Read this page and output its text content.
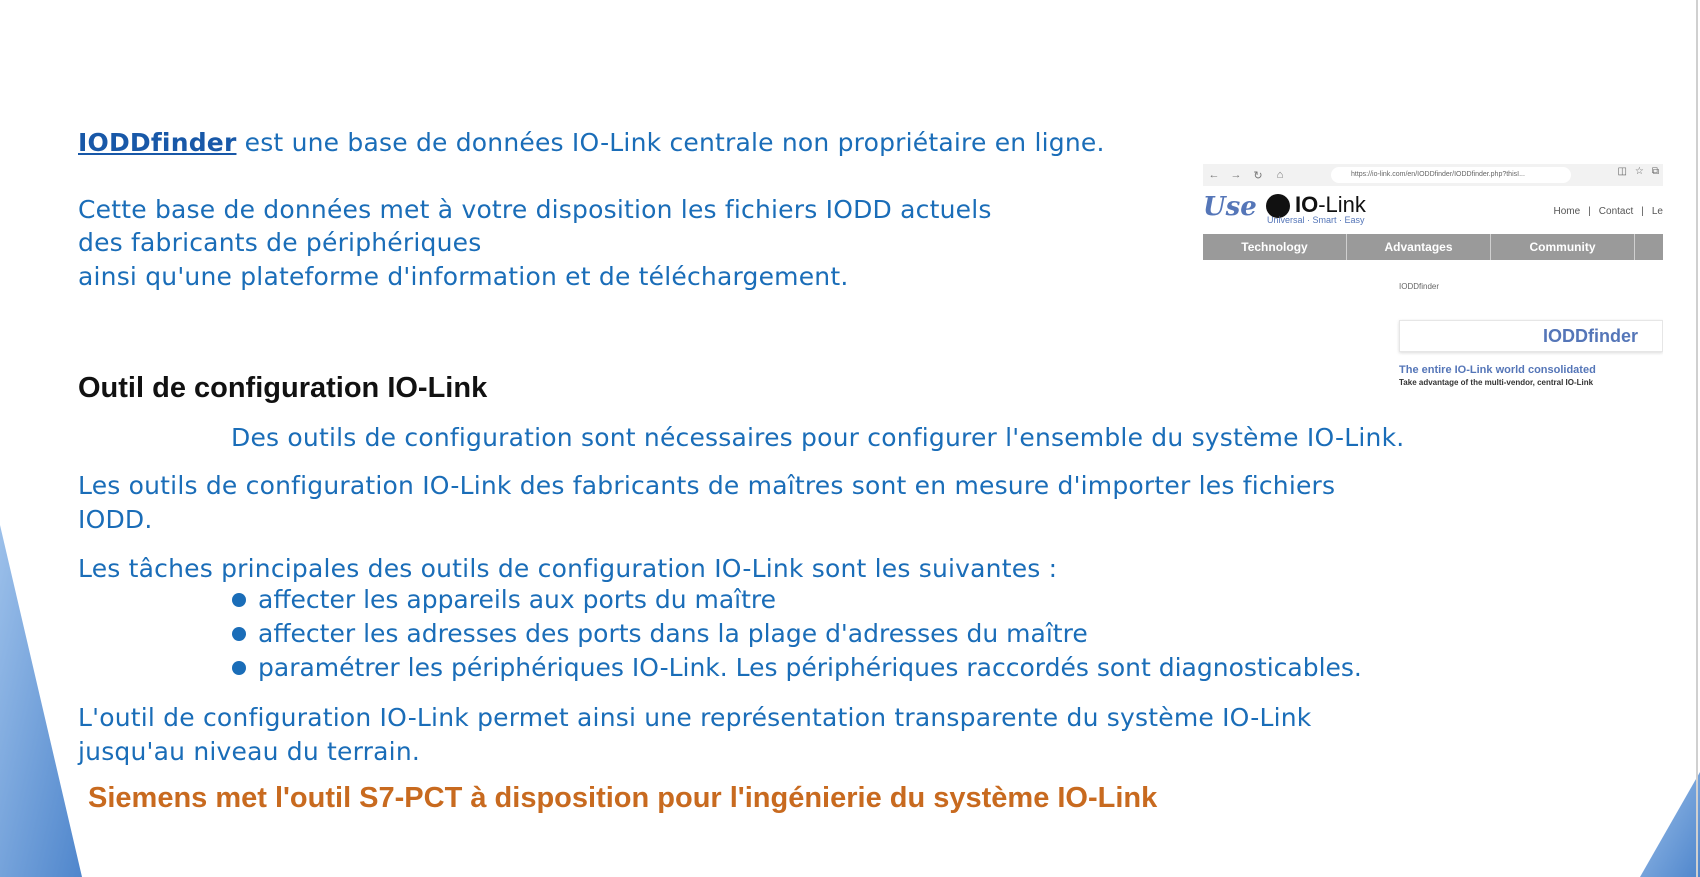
IODDfinder est une base de données IO-Link centrale non propriétaire en ligne.
Cette base de données met à votre disposition les fichiers IODD actuels
des fabricants de périphériques
ainsi qu'une plateforme d'information et de téléchargement.
←	→	↻	⌂	https://io-link.com/en/IODDfinder/IODDfinder.php?thisI...	◫ ☆ ⧉
Use IO-Link
Universal · Smart · Easy
Home | Contact | Le
Technology	Advantages	Community
IODDfinder
IODDfinder
The entire IO-Link world consolidated
Take advantage of the multi-vendor, central IO-Link
Outil de configuration IO-Link
Des outils de configuration sont nécessaires pour configurer l'ensemble du système IO-Link.
Les outils de configuration IO-Link des fabricants de maîtres sont en mesure d'importer les fichiers
IODD.
Les tâches principales des outils de configuration IO-Link sont les suivantes :
affecter les appareils aux ports du maître
affecter les adresses des ports dans la plage d'adresses du maître
paramétrer les périphériques IO-Link. Les périphériques raccordés sont diagnosticables.
L'outil de configuration IO-Link permet ainsi une représentation transparente du système IO-Link
jusqu'au niveau du terrain.
Siemens met l'outil S7-PCT à disposition pour l'ingénierie du système IO-Link
